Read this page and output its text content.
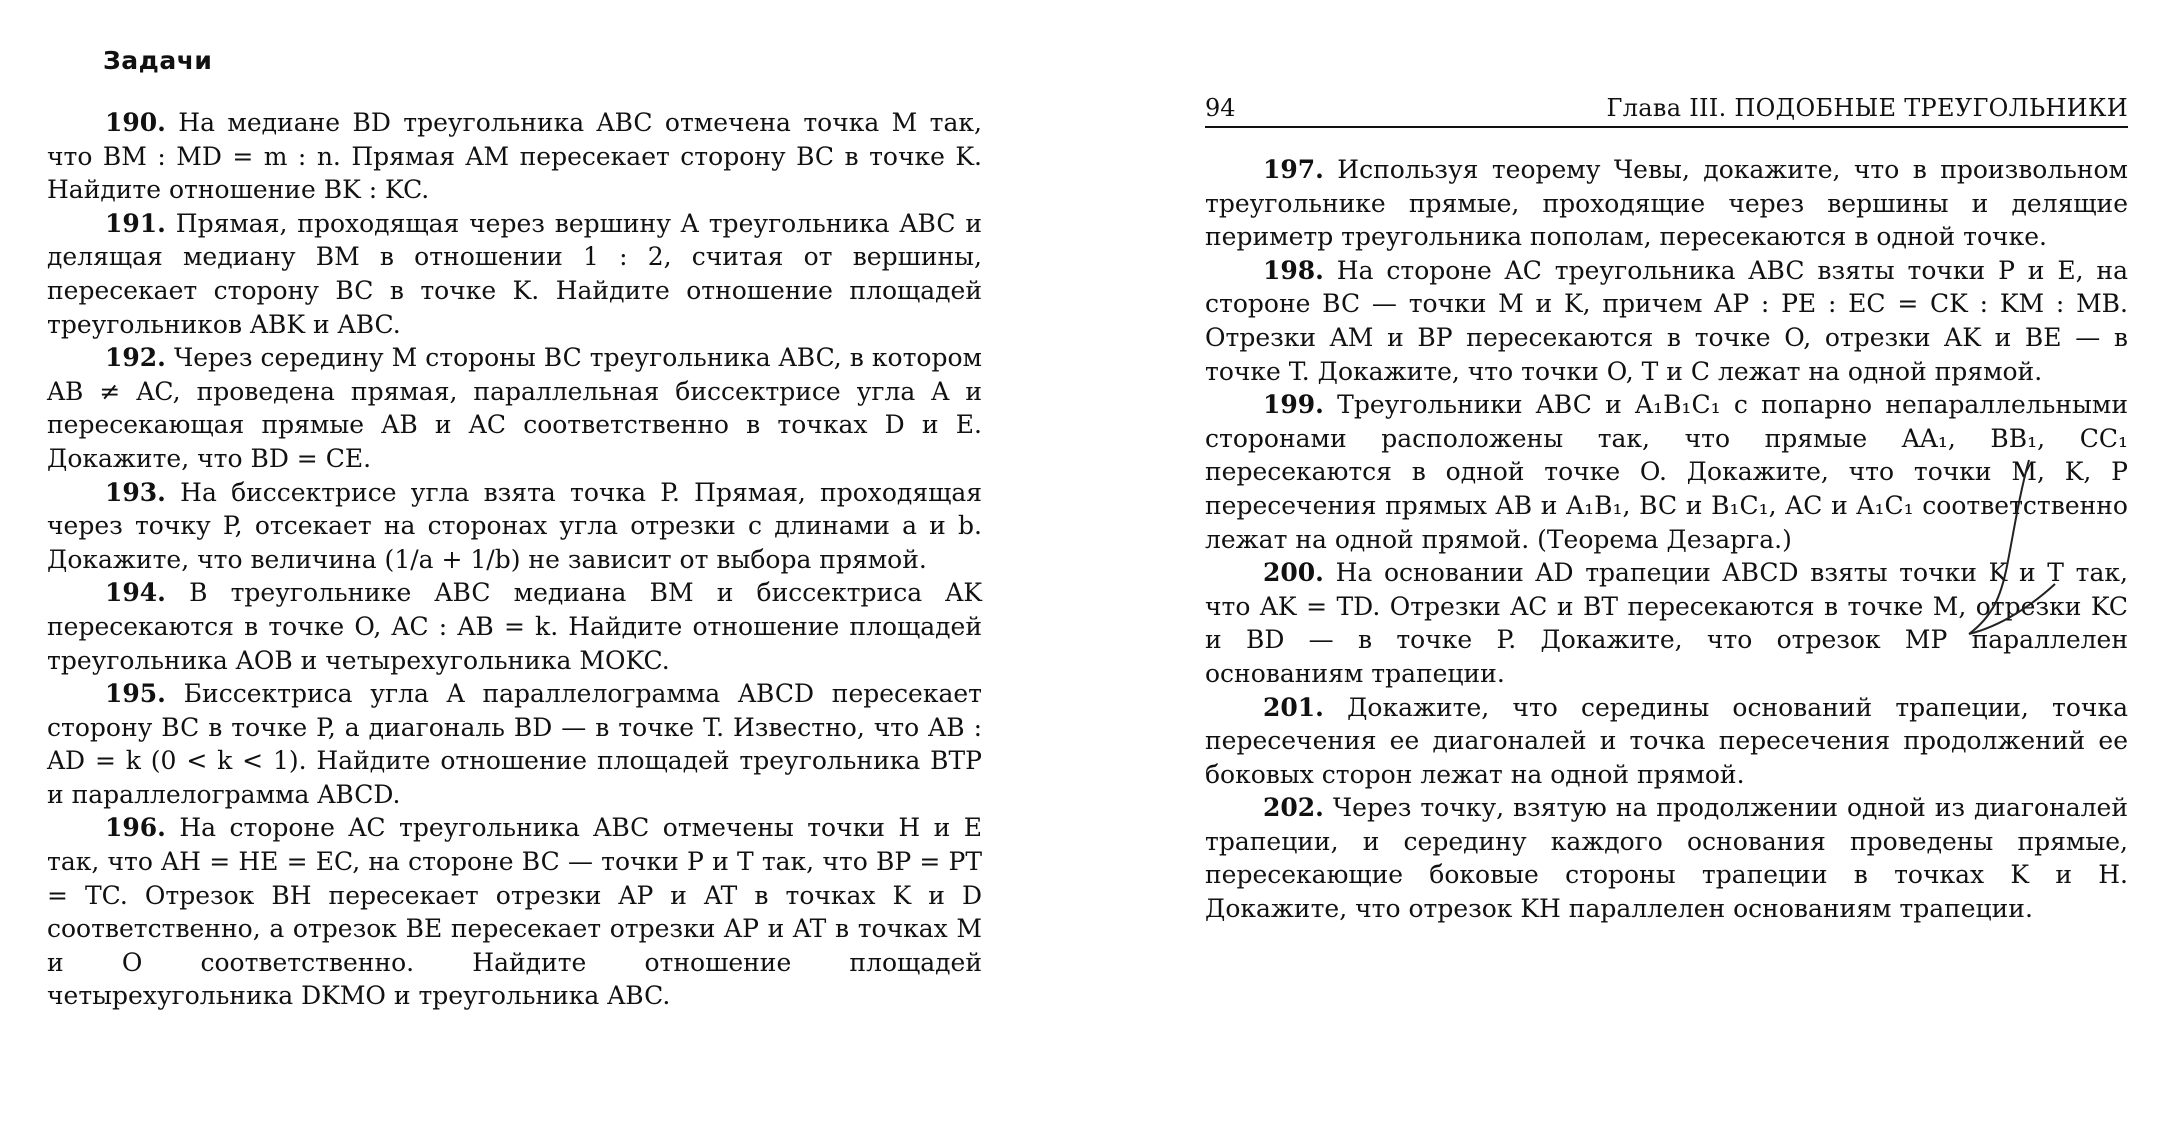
Задачи

190. На медиане BD треугольника ABC отмечена точка M так, что BM : MD = m : n. Прямая AM пересекает сторону BC в точке K. Найдите отношение BK : KC.

191. Прямая, проходящая через вершину A треугольника ABC и делящая медиану BM в отношении 1 : 2, считая от вершины, пересекает сторону BC в точке K. Найдите отношение площадей треугольников ABK и ABC.

192. Через середину M стороны BC треугольника ABC, в котором AB ≠ AC, проведена прямая, параллельная биссектрисе угла A и пересекающая прямые AB и AC соответственно в точках D и E. Докажите, что BD = CE.

193. На биссектрисе угла взята точка P. Прямая, проходящая через точку P, отсекает на сторонах угла отрезки с длинами a и b. Докажите, что величина (1/a + 1/b) не зависит от выбора прямой.

194. В треугольнике ABC медиана BM и биссектриса AK пересекаются в точке O, AC : AB = k. Найдите отношение площадей треугольника AOB и четырехугольника MOKC.

195. Биссектриса угла A параллелограмма ABCD пересекает сторону BC в точке P, а диагональ BD — в точке T. Известно, что AB : AD = k (0 < k < 1). Найдите отношение площадей треугольника BTP и параллелограмма ABCD.

196. На стороне AC треугольника ABC отмечены точки H и E так, что AH = HE = EC, на стороне BC — точки P и T так, что BP = PT = TC. Отрезок BH пересекает отрезки AP и AT в точках K и D соответственно, а отрезок BE пересекает отрезки AP и AT в точках M и O соответственно. Найдите отношение площадей четырехугольника DKMO и треугольника ABC.

94	Глава III. ПОДОБНЫЕ ТРЕУГОЛЬНИКИ

197. Используя теорему Чевы, докажите, что в произвольном треугольнике прямые, проходящие через вершины и делящие периметр треугольника пополам, пересекаются в одной точке.

198. На стороне AC треугольника ABC взяты точки P и E, на стороне BC — точки M и K, причем AP : PE : EC = CK : KM : MB. Отрезки AM и BP пересекаются в точке O, отрезки AK и BE — в точке T. Докажите, что точки O, T и C лежат на одной прямой.

199. Треугольники ABC и A₁B₁C₁ с попарно непараллельными сторонами расположены так, что прямые AA₁, BB₁, CC₁ пересекаются в одной точке O. Докажите, что точки M, K, P пересечения прямых AB и A₁B₁, BC и B₁C₁, AC и A₁C₁ соответственно лежат на одной прямой. (Теорема Дезарга.)

200. На основании AD трапеции ABCD взяты точки K и T так, что AK = TD. Отрезки AC и BT пересекаются в точке M, отрезки KC и BD — в точке P. Докажите, что отрезок MP параллелен основаниям трапеции.

201. Докажите, что середины оснований трапеции, точка пересечения ее диагоналей и точка пересечения продолжений ее боковых сторон лежат на одной прямой.

202. Через точку, взятую на продолжении одной из диагоналей трапеции, и середину каждого основания проведены прямые, пересекающие боковые стороны трапеции в точках K и H. Докажите, что отрезок KH параллелен основаниям трапеции.
